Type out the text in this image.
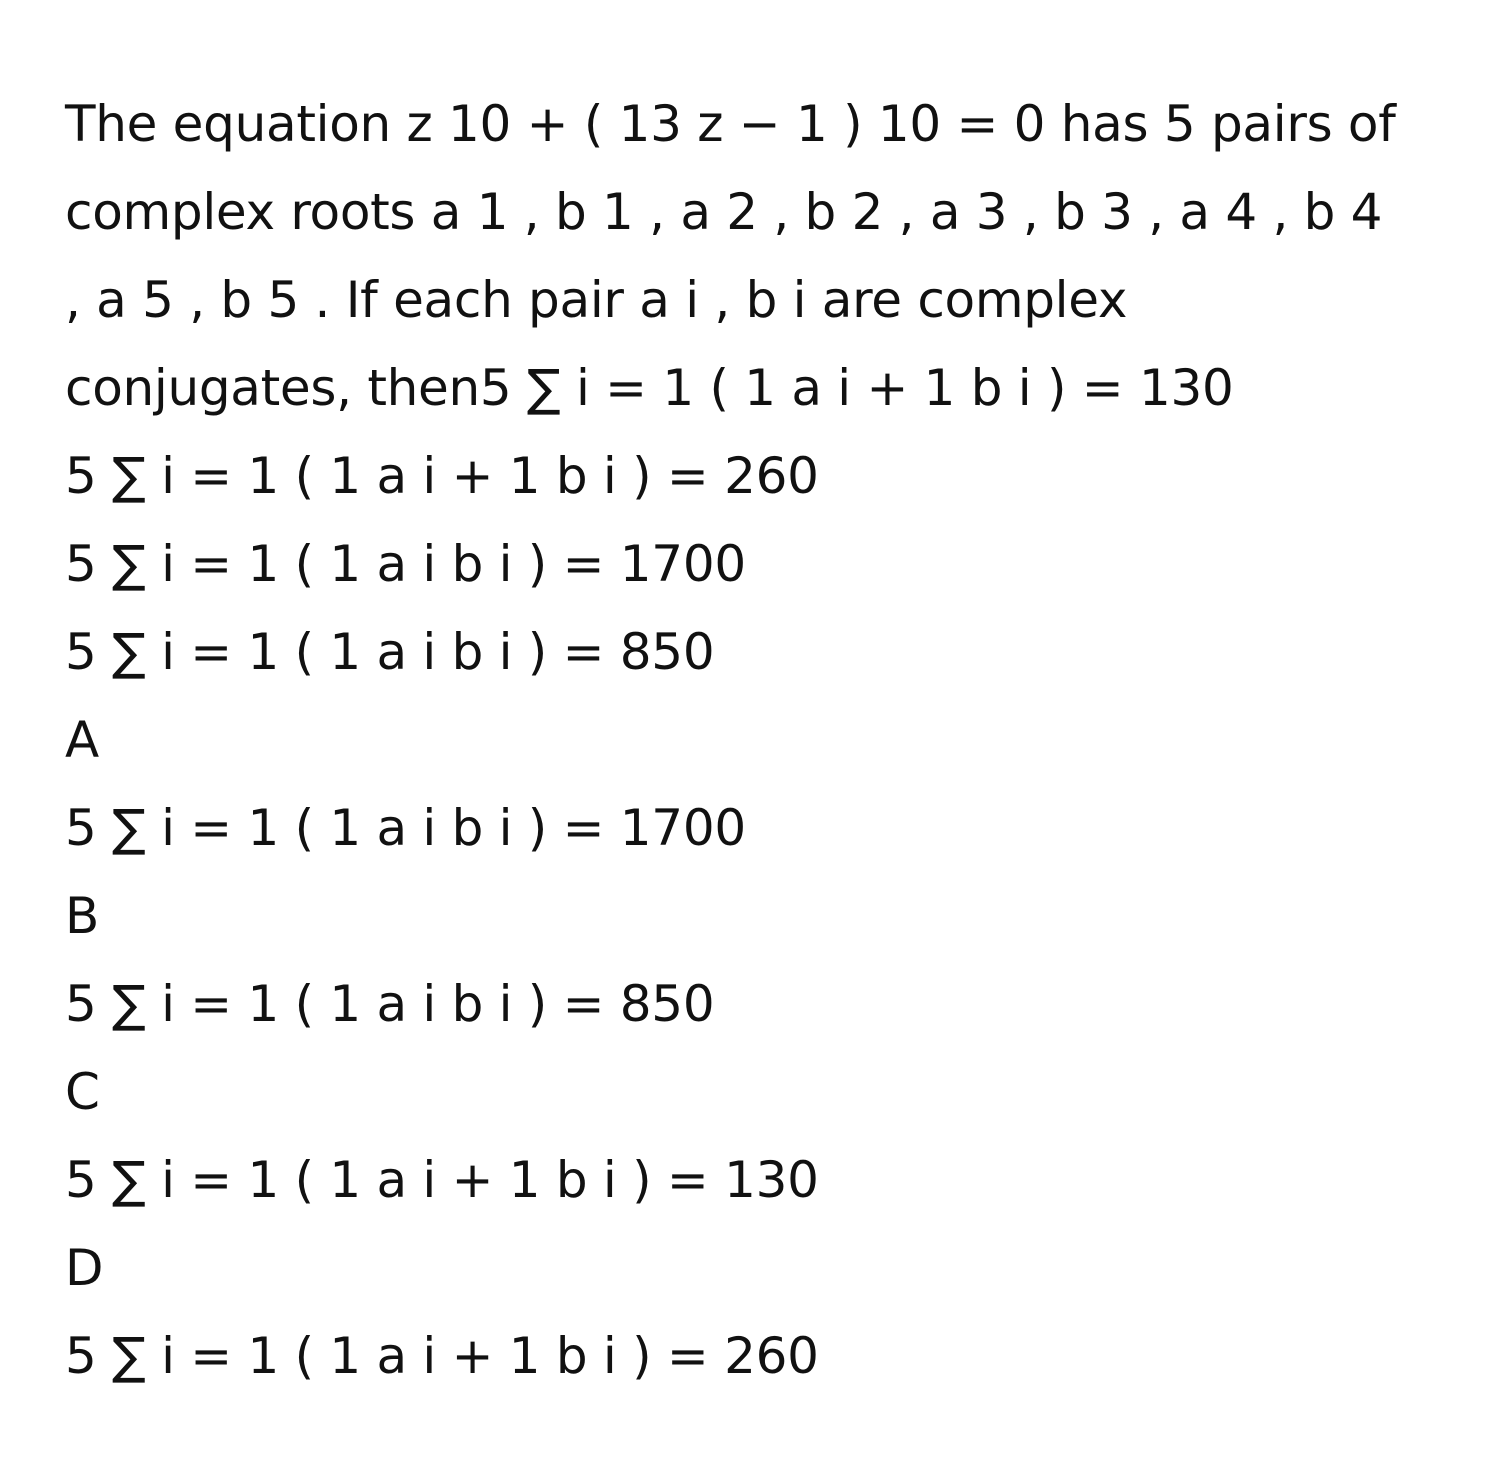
The equation z 10 + ( 13 z − 1 ) 10 = 0 has 5 pairs of
complex roots a 1 , b 1 , a 2 , b 2 , a 3 , b 3 , a 4 , b 4
, a 5 , b 5 . If each pair a i , b i are complex
conjugates, then5 ∑ i = 1 ( 1 a i + 1 b i ) = 130
5 ∑ i = 1 ( 1 a i + 1 b i ) = 260
5 ∑ i = 1 ( 1 a i b i ) = 1700
5 ∑ i = 1 ( 1 a i b i ) = 850
A
5 ∑ i = 1 ( 1 a i b i ) = 1700
B
5 ∑ i = 1 ( 1 a i b i ) = 850
C
5 ∑ i = 1 ( 1 a i + 1 b i ) = 130
D
5 ∑ i = 1 ( 1 a i + 1 b i ) = 260
